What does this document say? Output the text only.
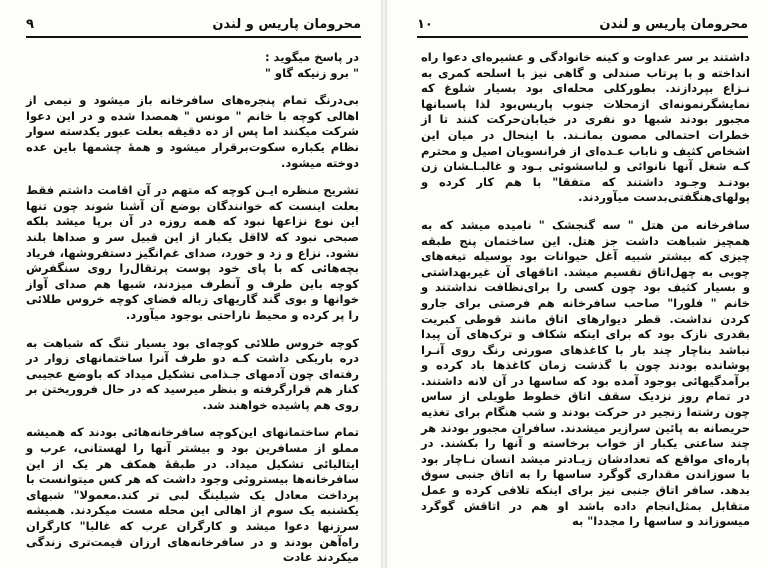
محرومان پاریس و لندن
۹

در پاسخ میگوید :

" برو زنیکه گاو "

بی‌درنگ تمام پنجره‌های سافرخانه باز میشود و نیمی از اهالی کوچه با خانم " مونس " همصدا شده و در این دعوا شرکت میکنند اما پس از ده دقیقه بعلت عبور یکدسته سوار نظام یکباره سکوت‌برقرار میشود و همهٔ چشمها باین عده دوخته میشود.

تشریح منظره ایـن کوچه که متهم در آن اقامت داشتم فقط بعلت اینست که خوانندگان بوضع آن آشنا شوند چون تنها این نوع نزاعها نبود که همه روزه در آن برپا میشد بلکه صبحی نبود که لااقل یکبار از این قبیل سر و صداها بلند نشود. نزاع و زد و خورد، صدای غم‌انگیز دستفروشها، فریاد بچه‌هائی که با پای خود پوست پرتقال‌را روی سنگفرش کوچه باین طرف و آنطرف میزدند، شبها هم صدای آواز خوانها و بوی گند گاریهای زباله فضای کوچه خروس طلائی را پر کرده و محیط ناراحتی بوجود میآورد.

کوچه خروس طلائی کوچه‌ای بود بسیار تنگ که شباهت به دره باریکی داشت کـه دو طرف آنرا ساختمانهای زوار در رفته‌ای چون آدمهای جـذامی تشکیل میداد که باوضع عجیبی کنار هم قرارگرفته و بنظر میرسید که در حال فروریختن بر روی هم پاشیده خواهند شد.

تمام ساختمانهای این‌کوچه سافرخانه‌هائی بودند که همیشه مملو از مسافرین بود و بیشتر آنها را لهستانی، عرب و ایتالیائی تشکیل میداد. در طبقهٔ همکف هر یک از این سافرخانه‌ها بیستروئی وجود داشت که هر کس میتوانست با پرداخت معادل یک شیلینگ لبی تر کند.معمولا" شبهای یکشنبه یک سوم از اهالی این محله مست میکردند. همیشه سرزنها دعوا میشد و کارگران عرب که غالبا" کارگران راه‌آهن بودند و در سافرخانه‌های ارزان قیمت‌تری زندگی میکردند عادت

محرومان پاریس و لندن
۱۰

داشتند بر سر عداوت و کینه خانوادگی و عشیره‌ای دعوا راه انداخته و با پرتاب صندلی و گاهی نیز با اسلحه کمری به نـزاع بپردازند. بطورکلی محله‌ای بود بسیار شلوغ که نمایشگرنمونه‌ای ازمحلات جنوب پاریس‌بود لذا پاسبانها مجبور بودند شبها دو نفری در خیابان‌حرکت کنند تا از خطرات احتمالی مصون بمانـند. با اینحال در میان این اشخاص کثیف و ناباب عـده‌ای از فرانسویان اصیل و محترم کـه شغل آنها نانوائی و لباسشوئی بـود و غالبـاـشان زن بودنـد وجـود داشتند که متفقا" با هم کار کرده و پولهای‌هنگفتی‌بدست میآوردند.

سافرخانه من هتل " سه گنجشک " نامیده میشد که به همچیز شباهت داشت جز هتل. این ساختمان پنج طبقه چیزی که بیشتر شبیه آغل حیوانات بود بوسیله تیغه‌های چوبی به چهل‌اتاق تقسیم میشد. اتاقهای آن غیربهداشتی و بسیار کثیف بود چون کسی را برای‌نظافت نداشتند و خانم " فلورا" صاحب سافرخانه هم فرصتی برای جارو کردن نداشت. قطر دیوارهای اتاق مانند قوطی کبریت بقدری نازک بود که برای اینکه شکاف و ترک‌های آن پیدا نباشد بناچار چند بار با کاغذهای صورتی رنگ روی آنـرا پوشانده بودند چون با گذشت زمان کاغذها باد کرده و برآمدگیهائی بوجود آمده بود که ساسها در آن لانه داشتند. در تمام روز نزدیک سقف اتاق خطوط طویلی از ساس چون رشته‌ا زنجیر در حرکت بودند و شب هنگام برای تغذیه حریصانه به پائین سرازیر میشدند. سافران مجبور بودند هر چند ساعتی یکبار از خواب برخاسته و آنها را بکشند. در پاره‌ای مواقع که تعدادشان زیـادتر میشد انسان نـاچار بود با سوزاندن مقداری گوگرد ساسها را به اتاق جنبی سوق بدهد. سافر اتاق جنبی نیز برای اینکه تلافی کرده و عمل متقابل بمثل‌انجام داده باشد او هم در اتاقش گوگرد میسوزاند و ساسها را مجددا" به
